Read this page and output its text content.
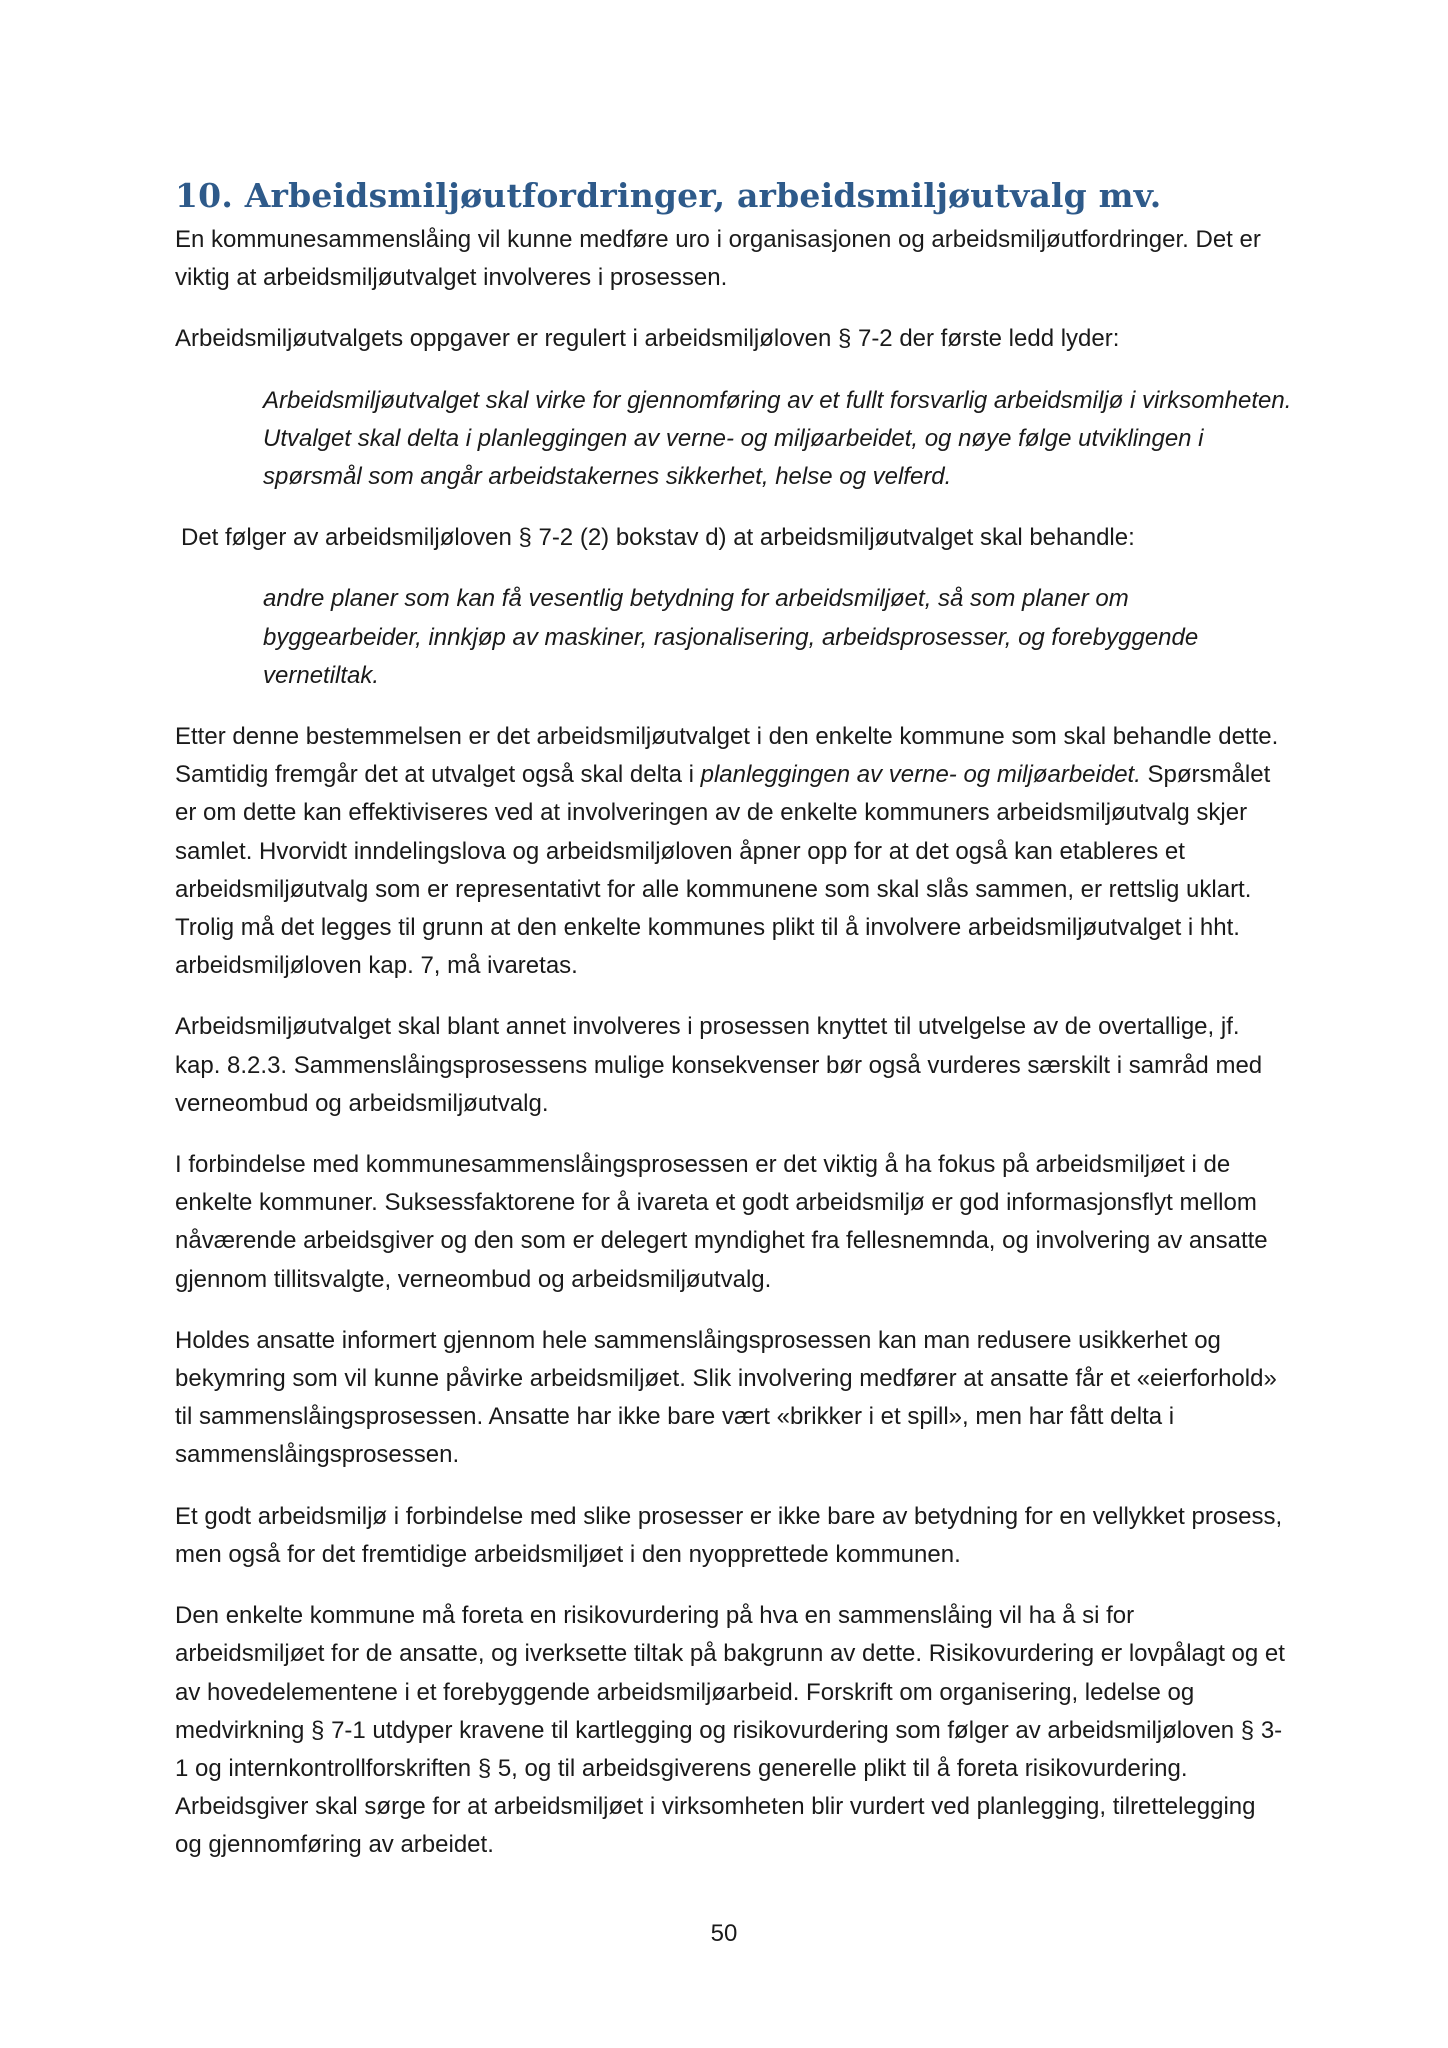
10. Arbeidsmiljøutfordringer, arbeidsmiljøutvalg mv.

En kommunesammenslåing vil kunne medføre uro i organisasjonen og arbeidsmiljøutfordringer. Det er viktig at arbeidsmiljøutvalget involveres i prosessen.

Arbeidsmiljøutvalgets oppgaver er regulert i arbeidsmiljøloven § 7-2 der første ledd lyder:

Arbeidsmiljøutvalget skal virke for gjennomføring av et fullt forsvarlig arbeidsmiljø i virksomheten. Utvalget skal delta i planleggingen av verne- og miljøarbeidet, og nøye følge utviklingen i spørsmål som angår arbeidstakernes sikkerhet, helse og velferd.

Det følger av arbeidsmiljøloven § 7-2 (2) bokstav d) at arbeidsmiljøutvalget skal behandle:

andre planer som kan få vesentlig betydning for arbeidsmiljøet, så som planer om byggearbeider, innkjøp av maskiner, rasjonalisering, arbeidsprosesser, og forebyggende vernetiltak.

Etter denne bestemmelsen er det arbeidsmiljøutvalget i den enkelte kommune som skal behandle dette. Samtidig fremgår det at utvalget også skal delta i planleggingen av verne- og miljøarbeidet. Spørsmålet er om dette kan effektiviseres ved at involveringen av de enkelte kommuners arbeidsmiljøutvalg skjer samlet. Hvorvidt inndelingslova og arbeidsmiljøloven åpner opp for at det også kan etableres et arbeidsmiljøutvalg som er representativt for alle kommunene som skal slås sammen, er rettslig uklart. Trolig må det legges til grunn at den enkelte kommunes plikt til å involvere arbeidsmiljøutvalget i hht. arbeidsmiljøloven kap. 7, må ivaretas.

Arbeidsmiljøutvalget skal blant annet involveres i prosessen knyttet til utvelgelse av de overtallige, jf. kap. 8.2.3. Sammenslåingsprosessens mulige konsekvenser bør også vurderes særskilt i samråd med verneombud og arbeidsmiljøutvalg.

I forbindelse med kommunesammenslåingsprosessen er det viktig å ha fokus på arbeidsmiljøet i de enkelte kommuner. Suksessfaktorene for å ivareta et godt arbeidsmiljø er god informasjonsflyt mellom nåværende arbeidsgiver og den som er delegert myndighet fra fellesnemnda, og involvering av ansatte gjennom tillitsvalgte, verneombud og arbeidsmiljøutvalg.

Holdes ansatte informert gjennom hele sammenslåingsprosessen kan man redusere usikkerhet og bekymring som vil kunne påvirke arbeidsmiljøet. Slik involvering medfører at ansatte får et «eierforhold» til sammenslåingsprosessen. Ansatte har ikke bare vært «brikker i et spill», men har fått delta i sammenslåingsprosessen.

Et godt arbeidsmiljø i forbindelse med slike prosesser er ikke bare av betydning for en vellykket prosess, men også for det fremtidige arbeidsmiljøet i den nyopprettede kommunen.

Den enkelte kommune må foreta en risikovurdering på hva en sammenslåing vil ha å si for arbeidsmiljøet for de ansatte, og iverksette tiltak på bakgrunn av dette. Risikovurdering er lovpålagt og et av hovedelementene i et forebyggende arbeidsmiljøarbeid. Forskrift om organisering, ledelse og medvirkning § 7-1 utdyper kravene til kartlegging og risikovurdering som følger av arbeidsmiljøloven § 3-1 og internkontrollforskriften § 5, og til arbeidsgiverens generelle plikt til å foreta risikovurdering. Arbeidsgiver skal sørge for at arbeidsmiljøet i virksomheten blir vurdert ved planlegging, tilrettelegging og gjennomføring av arbeidet.

50
